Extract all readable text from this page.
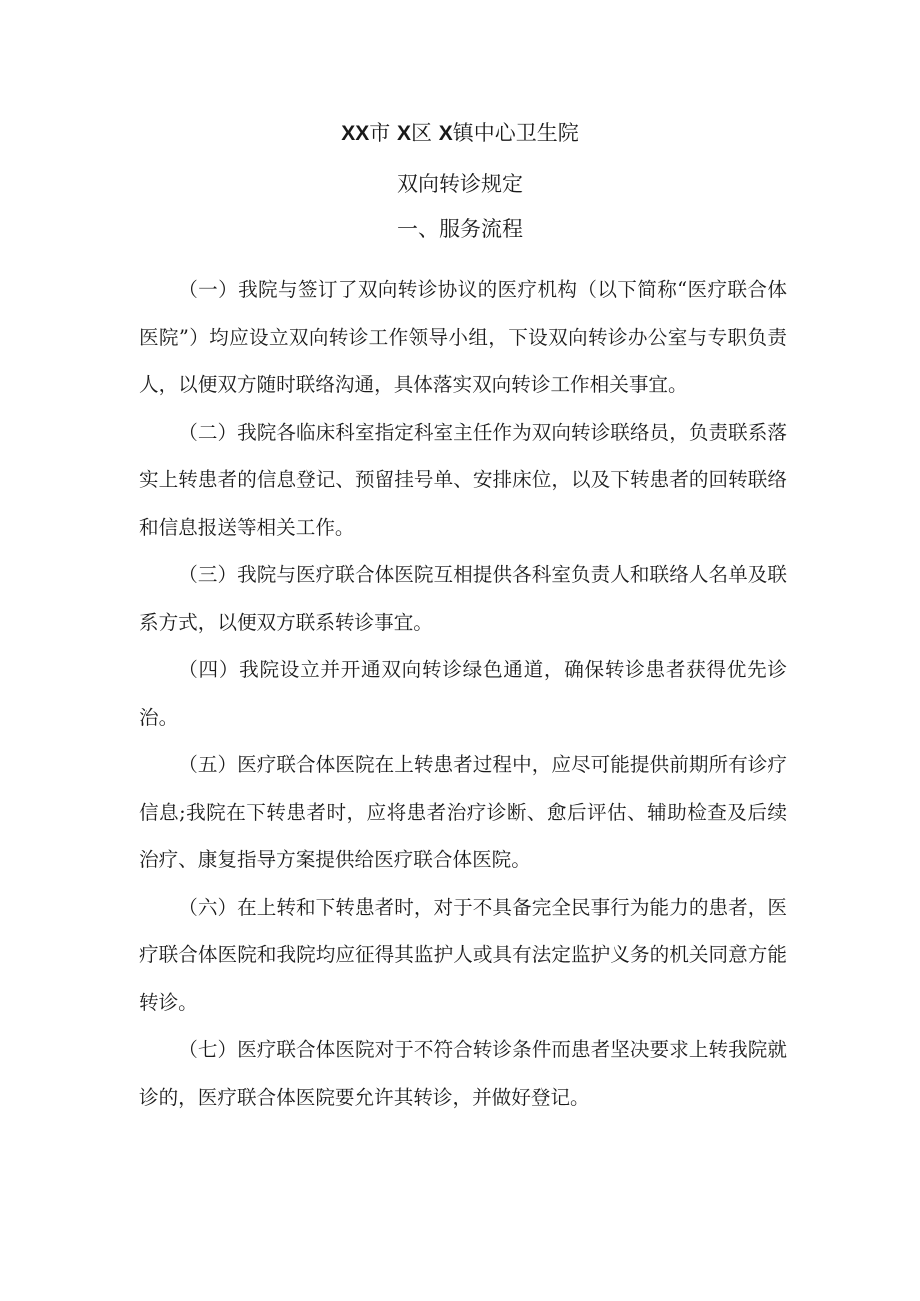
XX市 X区 X镇中心卫生院
双向转诊规定
一、服务流程

（一）我院与签订了双向转诊协议的医疗机构（以下简称“医疗联合体医院”）均应设立双向转诊工作领导小组，下设双向转诊办公室与专职负责人，以便双方随时联络沟通，具体落实双向转诊工作相关事宜。

（二）我院各临床科室指定科室主任作为双向转诊联络员，负责联系落实上转患者的信息登记、预留挂号单、安排床位，以及下转患者的回转联络和信息报送等相关工作。

（三）我院与医疗联合体医院互相提供各科室负责人和联络人名单及联系方式，以便双方联系转诊事宜。

（四）我院设立并开通双向转诊绿色通道，确保转诊患者获得优先诊治。

（五）医疗联合体医院在上转患者过程中，应尽可能提供前期所有诊疗信息;我院在下转患者时，应将患者治疗诊断、愈后评估、辅助检查及后续治疗、康复指导方案提供给医疗联合体医院。

（六）在上转和下转患者时，对于不具备完全民事行为能力的患者，医疗联合体医院和我院均应征得其监护人或具有法定监护义务的机关同意方能转诊。

（七）医疗联合体医院对于不符合转诊条件而患者坚决要求上转我院就诊的，医疗联合体医院要允许其转诊，并做好登记。
